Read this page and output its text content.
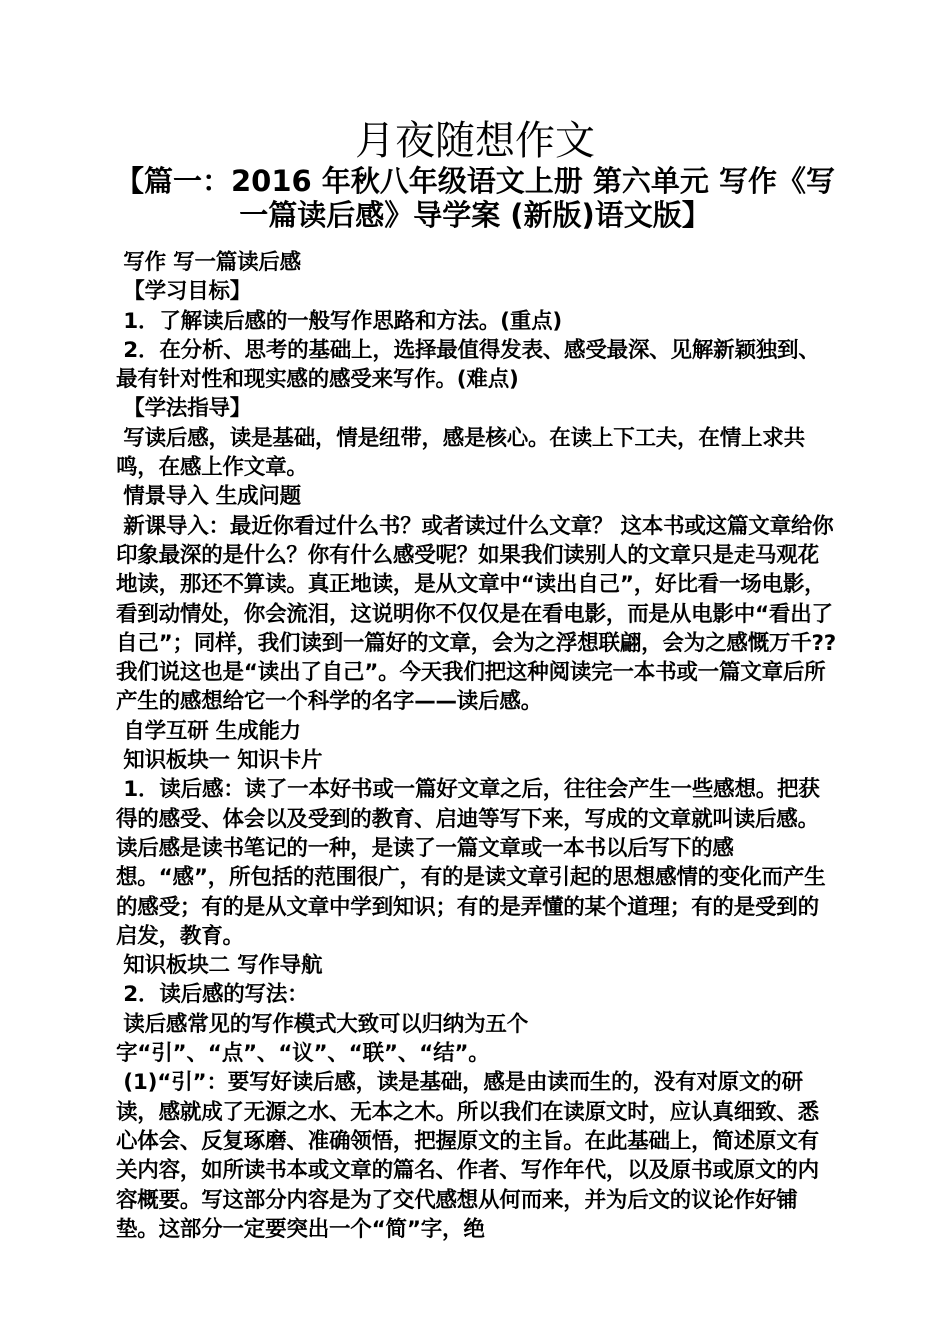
月夜随想作文
【篇一：2016 年秋八年级语文上册 第六单元 写作《写一篇读后感》导学案 (新版)语文版】

写作 写一篇读后感

【学习目标】

1．了解读后感的一般写作思路和方法。(重点)

2．在分析、思考的基础上，选择最值得发表、感受最深、见解新颖独到、最有针对性和现实感的感受来写作。(难点)

【学法指导】

写读后感，读是基础，情是纽带，感是核心。在读上下工夫，在情上求共鸣，在感上作文章。

情景导入 生成问题

新课导入：最近你看过什么书？或者读过什么文章？ 这本书或这篇文章给你印象最深的是什么？你有什么感受呢？如果我们读别人的文章只是走马观花地读，那还不算读。真正地读，是从文章中“读出自己”，好比看一场电影，看到动情处，你会流泪，这说明你不仅仅是在看电影，而是从电影中“看出了自己”；同样，我们读到一篇好的文章，会为之浮想联翩，会为之感慨万千??我们说这也是“读出了自己”。今天我们把这种阅读完一本书或一篇文章后所产生的感想给它一个科学的名字——读后感。

自学互研 生成能力

知识板块一 知识卡片

1．读后感：读了一本好书或一篇好文章之后，往往会产生一些感想。把获得的感受、体会以及受到的教育、启迪等写下来，写成的文章就叫读后感。读后感是读书笔记的一种，是读了一篇文章或一本书以后写下的感想。“感”，所包括的范围很广，有的是读文章引起的思想感情的变化而产生的感受；有的是从文章中学到知识；有的是弄懂的某个道理；有的是受到的启发，教育。

知识板块二 写作导航

2．读后感的写法：

读后感常见的写作模式大致可以归纳为五个字“引”、“点”、“议”、“联”、“结”。

(1)“引”：要写好读后感，读是基础，感是由读而生的，没有对原文的研读，感就成了无源之水、无本之木。所以我们在读原文时，应认真细致、悉心体会、反复琢磨、准确领悟，把握原文的主旨。在此基础上，简述原文有关内容，如所读书本或文章的篇名、作者、写作年代，以及原书或原文的内容概要。写这部分内容是为了交代感想从何而来，并为后文的议论作好铺垫。这部分一定要突出一个“简”字，绝
